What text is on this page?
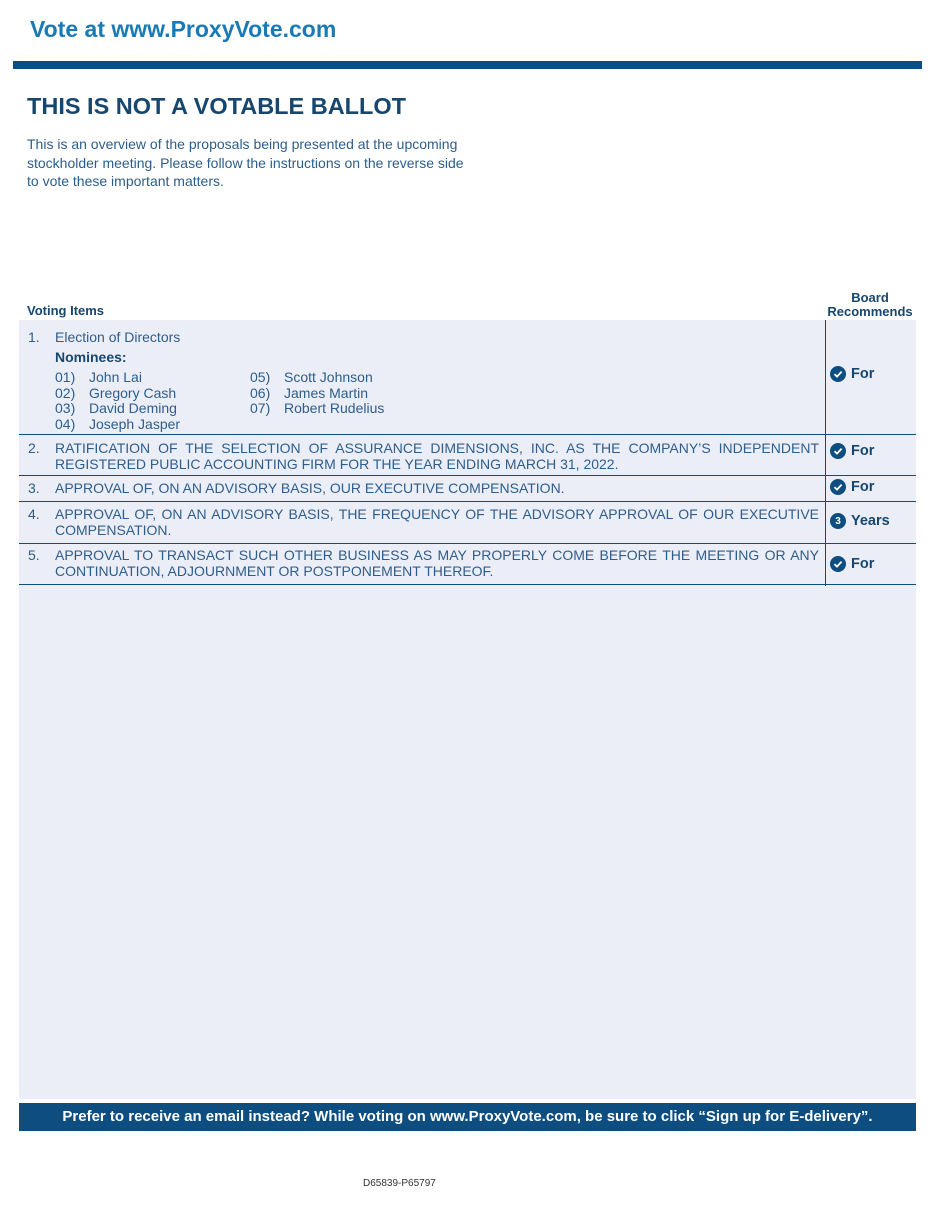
Vote at www.ProxyVote.com
THIS IS NOT A VOTABLE BALLOT
This is an overview of the proposals being presented at the upcoming stockholder meeting. Please follow the instructions on the reverse side to vote these important matters.
Voting Items
Board Recommends
1. Election of Directors
Nominees:
01) John Lai
02) Gregory Cash
03) David Deming
04) Joseph Jasper
05) Scott Johnson
06) James Martin
07) Robert Rudelius
For
2. RATIFICATION OF THE SELECTION OF ASSURANCE DIMENSIONS, INC. AS THE COMPANY’S INDEPENDENT REGISTERED PUBLIC ACCOUNTING FIRM FOR THE YEAR ENDING MARCH 31, 2022.
For
3. APPROVAL OF, ON AN ADVISORY BASIS, OUR EXECUTIVE COMPENSATION.	For
4. APPROVAL OF, ON AN ADVISORY BASIS, THE FREQUENCY OF THE ADVISORY APPROVAL OF OUR EXECUTIVE COMPENSATION.
3 Years
5. APPROVAL TO TRANSACT SUCH OTHER BUSINESS AS MAY PROPERLY COME BEFORE THE MEETING OR ANY CONTINUATION, ADJOURNMENT OR POSTPONEMENT THEREOF.	For
Prefer to receive an email instead? While voting on www.ProxyVote.com, be sure to click “Sign up for E-delivery”.
D65839-P65797
